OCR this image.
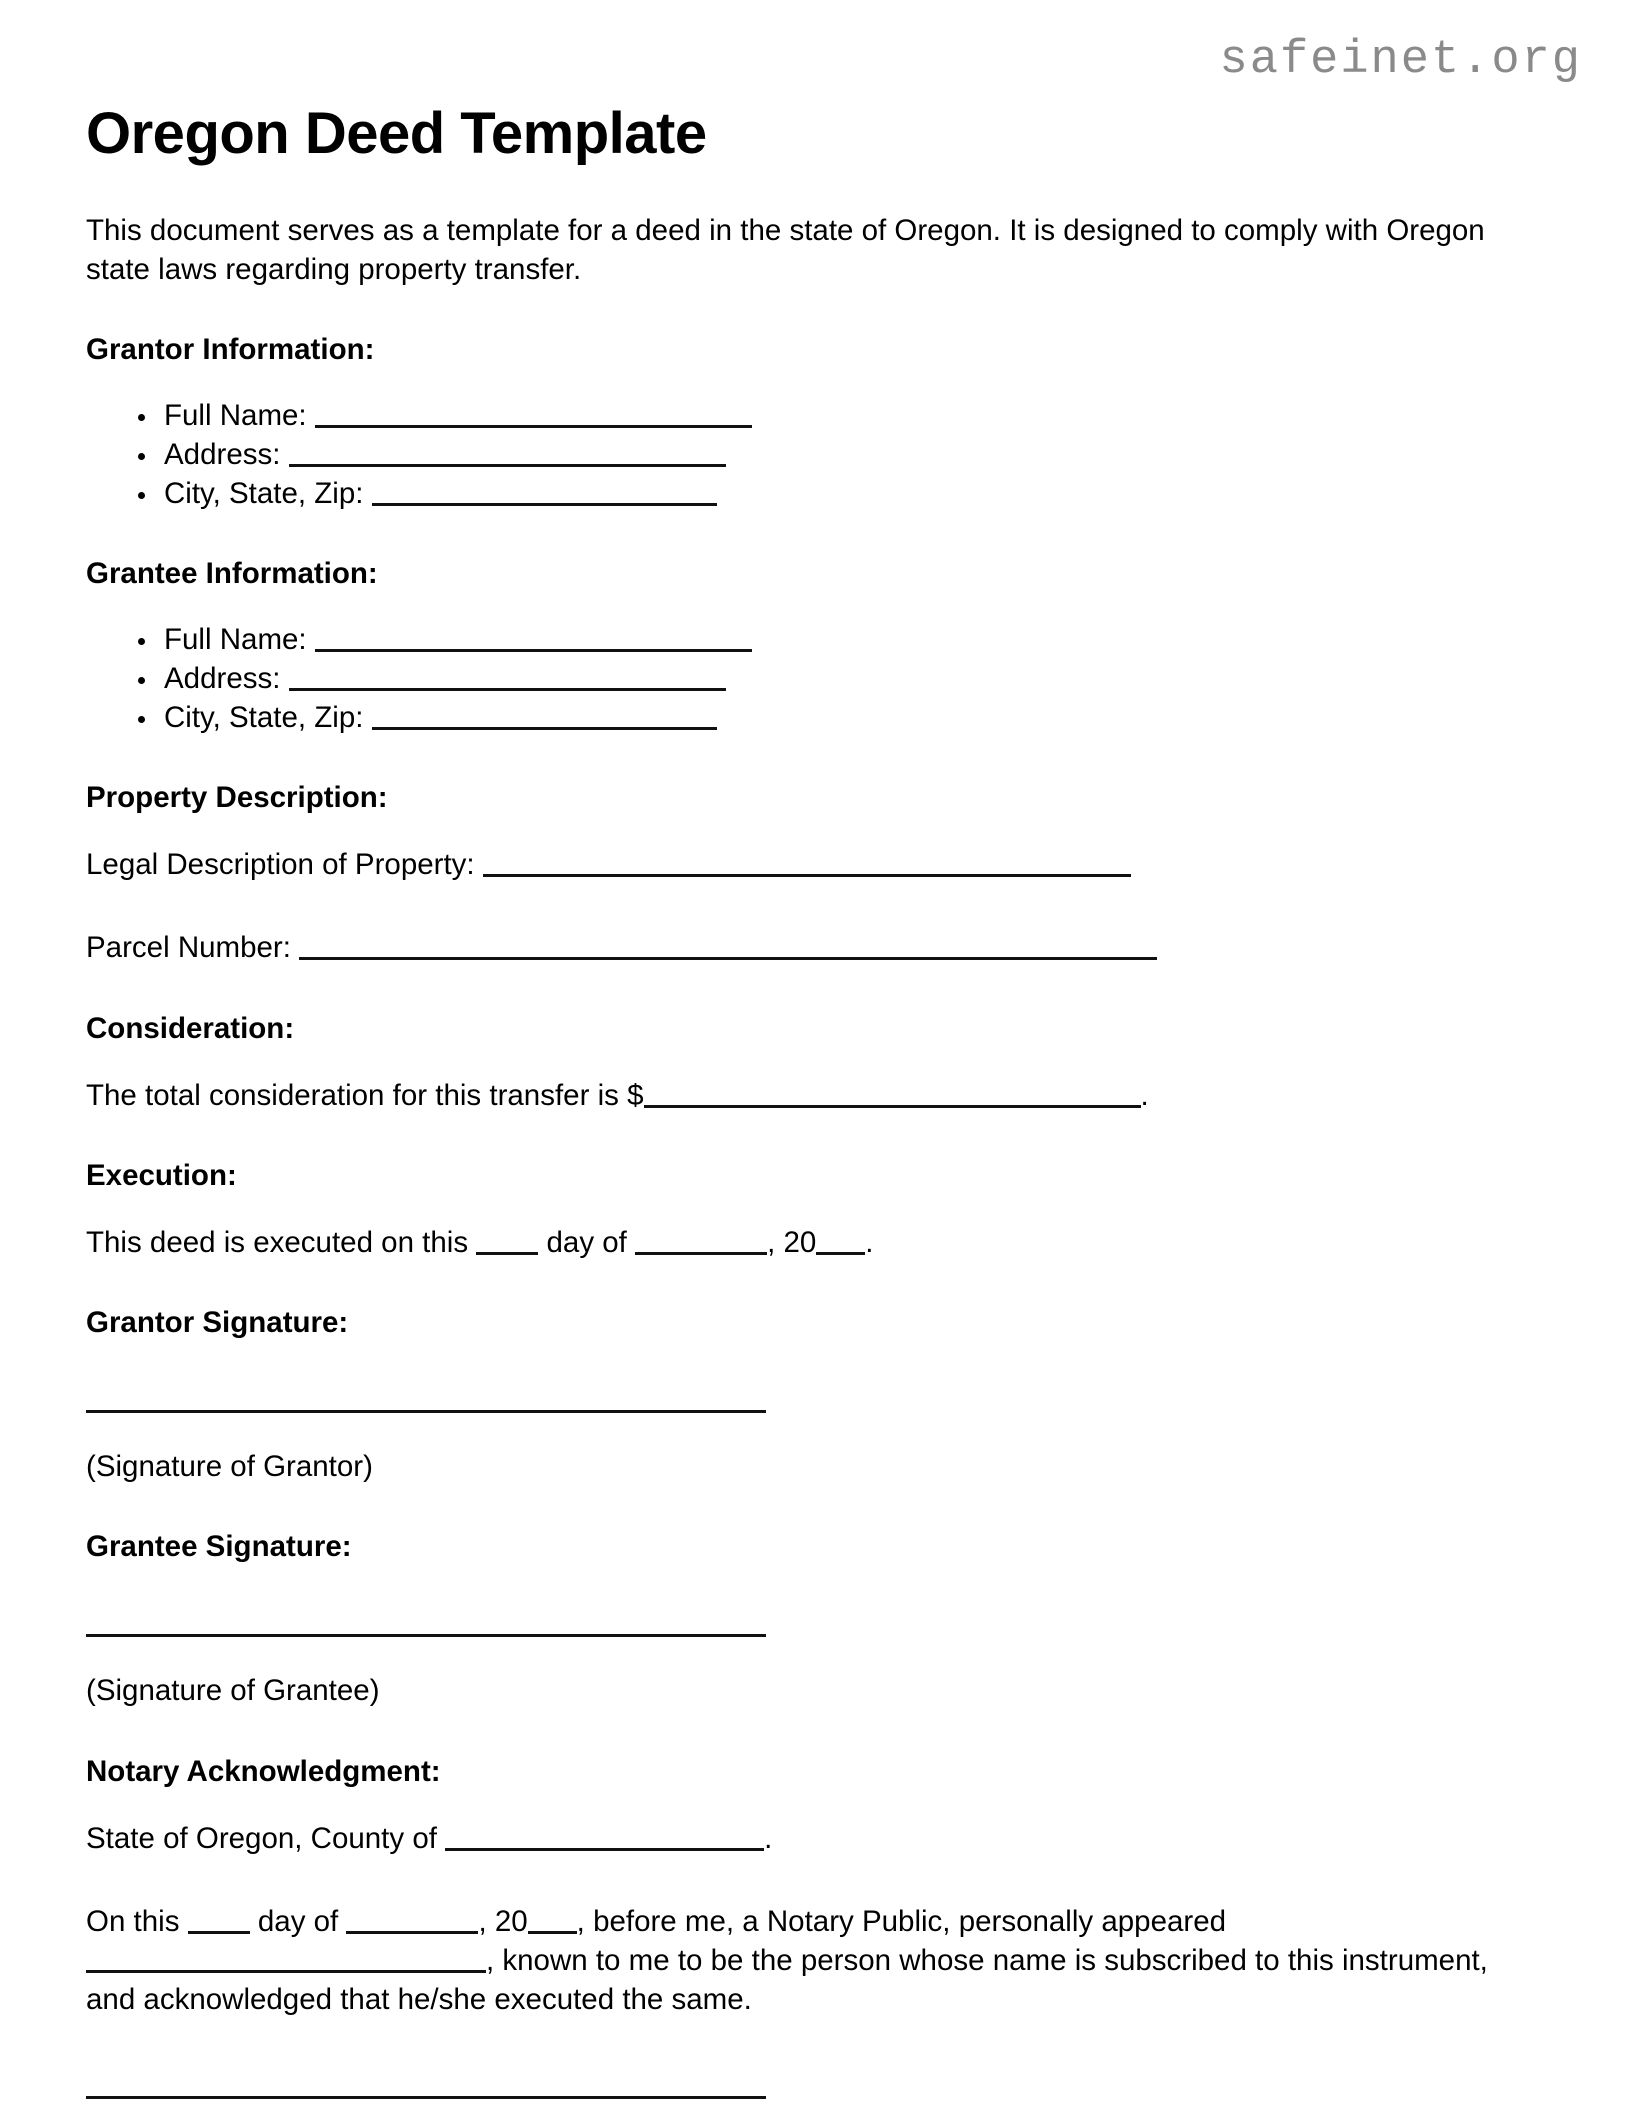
safeinet.org
Oregon Deed Template

This document serves as a template for a deed in the state of Oregon. It is designed to comply with Oregon state laws regarding property transfer.

Grantor Information:
Full Name:
Address:
City, State, Zip:
Grantee Information:
Full Name:
Address:
City, State, Zip:
Property Description:

Legal Description of Property:

Parcel Number:

Consideration:

The total consideration for this transfer is $	.

Execution:

This deed is executed on this	day of	, 20 .

Grantor Signature:

(Signature of Grantor)

Grantee Signature:

(Signature of Grantee)

Notary Acknowledgment:

State of Oregon, County of	.

On this	day of	, 20 , before me, a Notary Public, personally appeared , known to me to be the person whose name is subscribed to this instrument, and acknowledged that he/she executed the same.
